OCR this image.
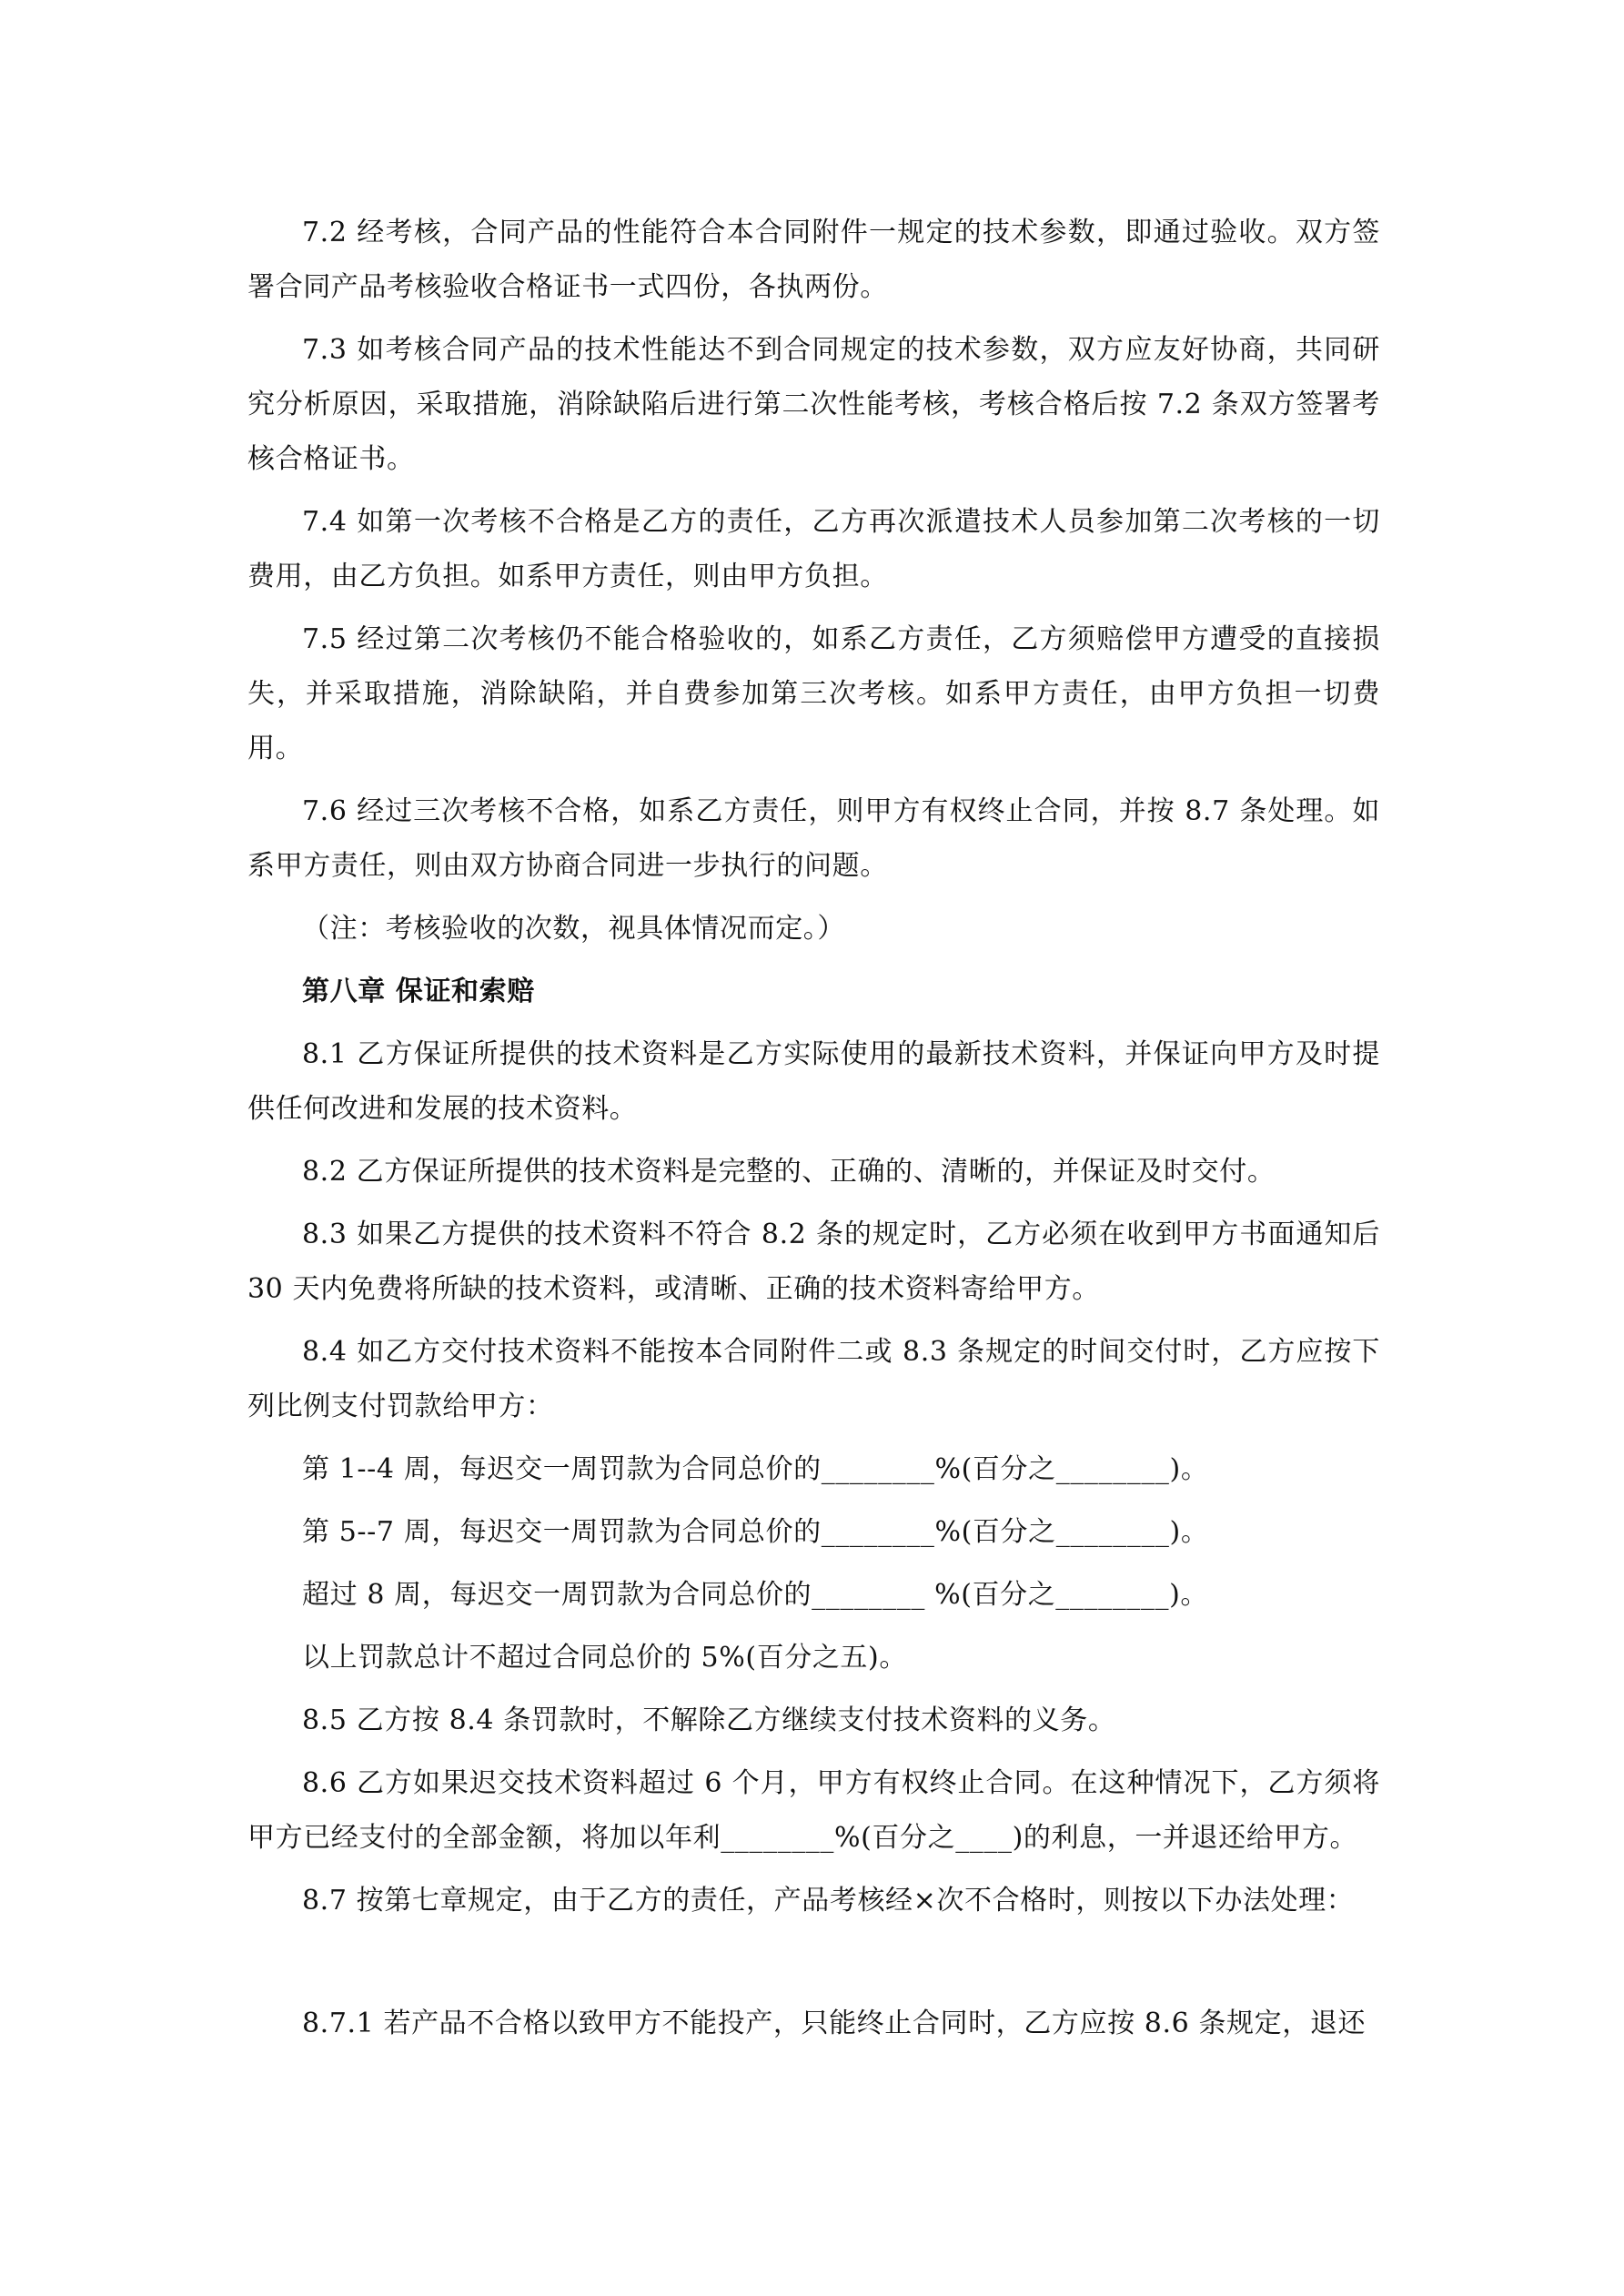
7.2 经考核，合同产品的性能符合本合同附件一规定的技术参数，即通过验收。双方签署合同产品考核验收合格证书一式四份，各执两份。

7.3 如考核合同产品的技术性能达不到合同规定的技术参数，双方应友好协商，共同研究分析原因，采取措施，消除缺陷后进行第二次性能考核，考核合格后按 7.2 条双方签署考核合格证书。

7.4 如第一次考核不合格是乙方的责任，乙方再次派遣技术人员参加第二次考核的一切费用，由乙方负担。如系甲方责任，则由甲方负担。

7.5 经过第二次考核仍不能合格验收的，如系乙方责任，乙方须赔偿甲方遭受的直接损失，并采取措施，消除缺陷，并自费参加第三次考核。如系甲方责任，由甲方负担一切费用。

7.6 经过三次考核不合格，如系乙方责任，则甲方有权终止合同，并按 8.7 条处理。如系甲方责任，则由双方协商合同进一步执行的问题。

（注：考核验收的次数，视具体情况而定。）

第八章 保证和索赔

8.1 乙方保证所提供的技术资料是乙方实际使用的最新技术资料，并保证向甲方及时提供任何改进和发展的技术资料。

8.2 乙方保证所提供的技术资料是完整的、正确的、清晰的，并保证及时交付。

8.3 如果乙方提供的技术资料不符合 8.2 条的规定时，乙方必须在收到甲方书面通知后 30 天内免费将所缺的技术资料，或清晰、正确的技术资料寄给甲方。

8.4 如乙方交付技术资料不能按本合同附件二或 8.3 条规定的时间交付时，乙方应按下列比例支付罚款给甲方：

第 1--4 周，每迟交一周罚款为合同总价的________%(百分之________)。

第 5--7 周，每迟交一周罚款为合同总价的________%(百分之________)。

超过 8 周，每迟交一周罚款为合同总价的________ %(百分之________)。

以上罚款总计不超过合同总价的 5%(百分之五)。

8.5 乙方按 8.4 条罚款时，不解除乙方继续支付技术资料的义务。

8.6 乙方如果迟交技术资料超过 6 个月，甲方有权终止合同。在这种情况下，乙方须将甲方已经支付的全部金额，将加以年利________%(百分之____)的利息，一并退还给甲方。

8.7 按第七章规定，由于乙方的责任，产品考核经×次不合格时，则按以下办法处理：

8.7.1 若产品不合格以致甲方不能投产，只能终止合同时，乙方应按 8.6 条规定，退还
